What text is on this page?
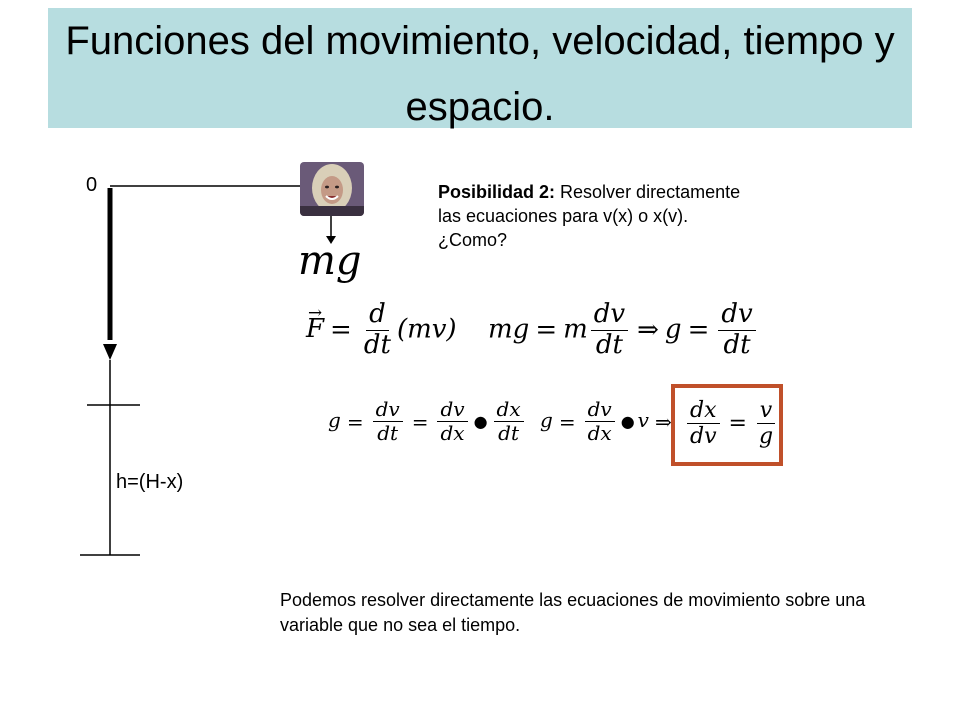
Funciones del movimiento, velocidad, tiempo y espacio.
0
h=(H-x)
mg
Posibilidad 2: Resolver directamente las ecuaciones para v(x) o x(v). ¿Como?
→ $F = \frac{d}{dt} (mv)$ mg = m $\frac{dv}{dt}$ ⇒ $g = \frac{dv}{dt}$
$g = \frac{dv}{dt} = \frac{dv}{dx}$ ● $\frac{dx}{dt}$ $g = \frac{dv}{dx}$ ● v ⇒ $\frac{dx}{dv} = \frac{v}{g}$
Podemos resolver directamente las ecuaciones de movimiento sobre una variable que no sea el tiempo.
